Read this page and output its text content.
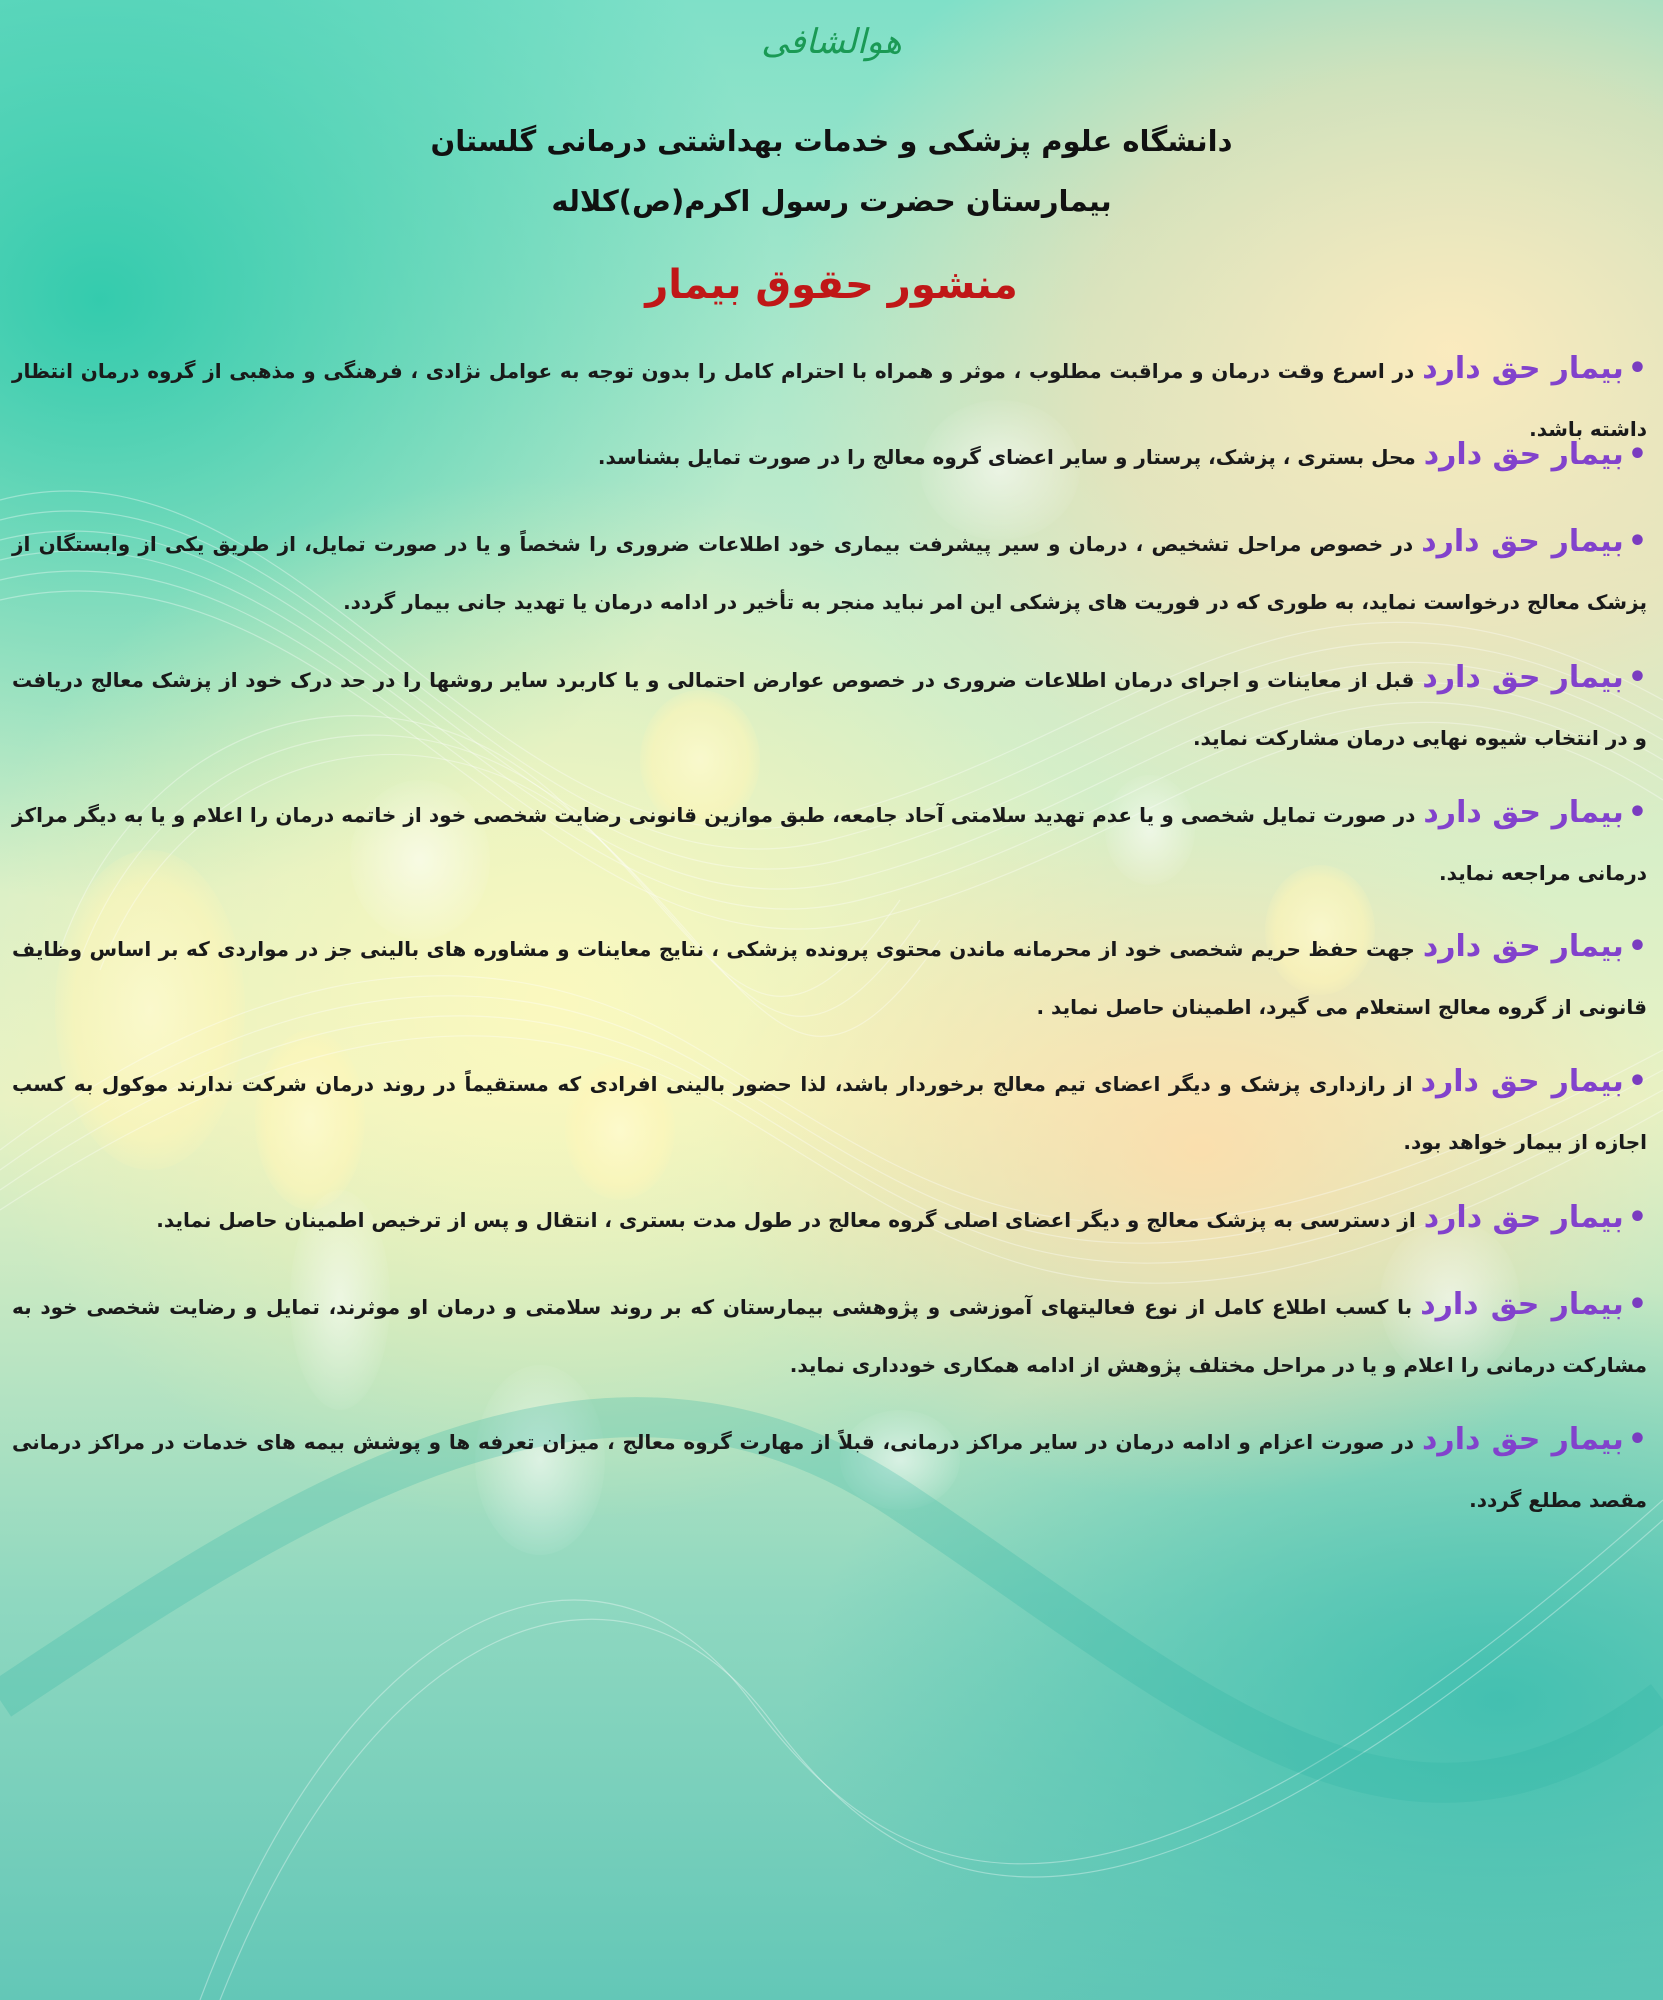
هوالشافی
دانشگاه علوم پزشکی و خدمات بهداشتی درمانی گلستان
بیمارستان حضرت رسول اکرم(ص)کلاله
منشور حقوق بیمار
•بیمار حق دارددر اسرع وقت درمان و مراقبت مطلوب ، موثر و همراه با احترام کامل را بدون توجه به عوامل نژادی ، فرهنگی و مذهبی از گروه درمان انتظار داشته باشد.
•بیمار حق داردمحل بستری ، پزشک، پرستار و سایر اعضای گروه معالج را در صورت تمایل بشناسد.
•بیمار حق دارددر خصوص مراحل تشخیص ، درمان و سیر پیشرفت بیماری خود اطلاعات ضروری را شخصاً و یا در صورت تمایل، از طریق یکی از وابستگان از پزشک معالج درخواست نماید، به طوری که در فوریت های پزشکی این امر نباید منجر به تأخیر در ادامه درمان یا تهدید جانی بیمار گردد.
•بیمار حق داردقبل از معاینات و اجرای درمان اطلاعات ضروری در خصوص عوارض احتمالی و یا کاربرد سایر روشها را در حد درک خود از پزشک معالج دریافت و در انتخاب شیوه نهایی درمان مشارکت نماید.
•بیمار حق دارددر صورت تمایل شخصی و یا عدم تهدید سلامتی آحاد جامعه، طبق موازین قانونی رضایت شخصی خود از خاتمه درمان را اعلام و یا به دیگر مراکز درمانی مراجعه نماید.
•بیمار حق داردجهت حفظ حریم شخصی خود از محرمانه ماندن محتوی پرونده پزشکی ، نتایج معاینات و مشاوره های بالینی جز در مواردی که بر اساس وظایف قانونی از گروه معالج استعلام می گیرد، اطمینان حاصل نماید .
•بیمار حق دارداز رازداری پزشک و دیگر اعضای تیم معالج برخوردار باشد، لذا حضور بالینی افرادی که مستقیماً در روند درمان شرکت ندارند موکول به کسب اجازه از بیمار خواهد بود.
•بیمار حق دارداز دسترسی به پزشک معالج و دیگر اعضای اصلی گروه معالج در طول مدت بستری ، انتقال و پس از ترخیص اطمینان حاصل نماید.
•بیمار حق داردبا کسب اطلاع کامل از نوع فعالیتهای آموزشی و پژوهشی بیمارستان که بر روند سلامتی و درمان او موثرند، تمایل و رضایت شخصی خود به مشارکت درمانی را اعلام و یا در مراحل مختلف پژوهش از ادامه همکاری خودداری نماید.
•بیمار حق دارددر صورت اعزام و ادامه درمان در سایر مراکز درمانی، قبلاً از مهارت گروه معالج ، میزان تعرفه ها و پوشش بیمه های خدمات در مراکز درمانی مقصد مطلع گردد.
